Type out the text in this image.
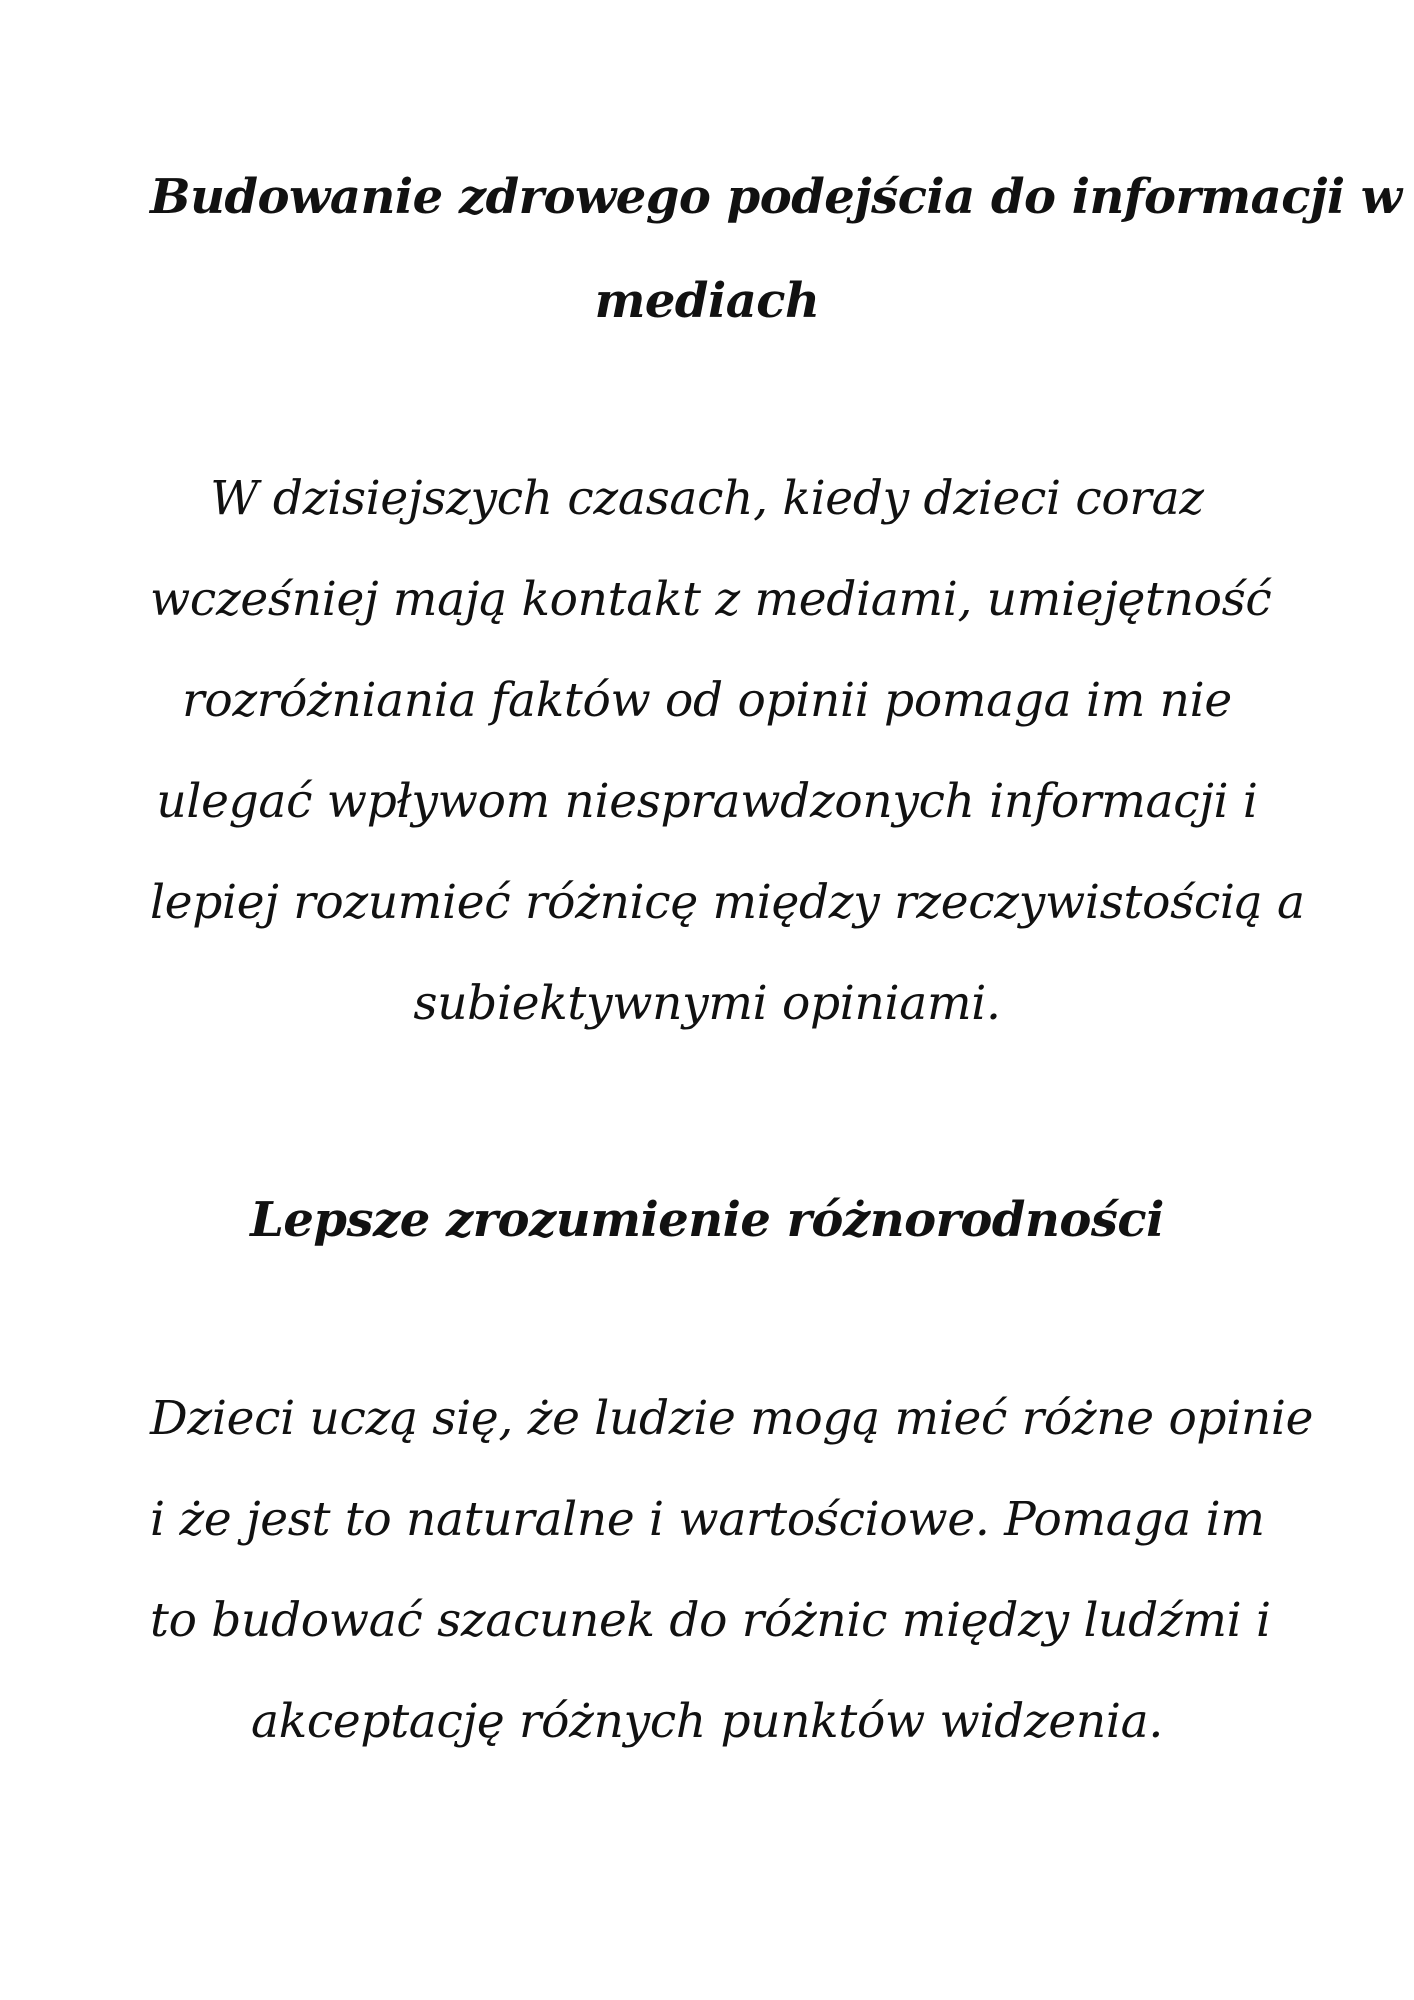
Budowanie zdrowego podejścia do informacji w
mediach
W dzisiejszych czasach, kiedy dzieci coraz
wcześniej mają kontakt z mediami, umiejętność
rozróżniania faktów od opinii pomaga im nie
ulegać wpływom niesprawdzonych informacji i
lepiej rozumieć różnicę między rzeczywistością a
subiektywnymi opiniami.
Lepsze zrozumienie różnorodności
Dzieci uczą się, że ludzie mogą mieć różne opinie
i że jest to naturalne i wartościowe. Pomaga im
to budować szacunek do różnic między ludźmi i
akceptację różnych punktów widzenia.
